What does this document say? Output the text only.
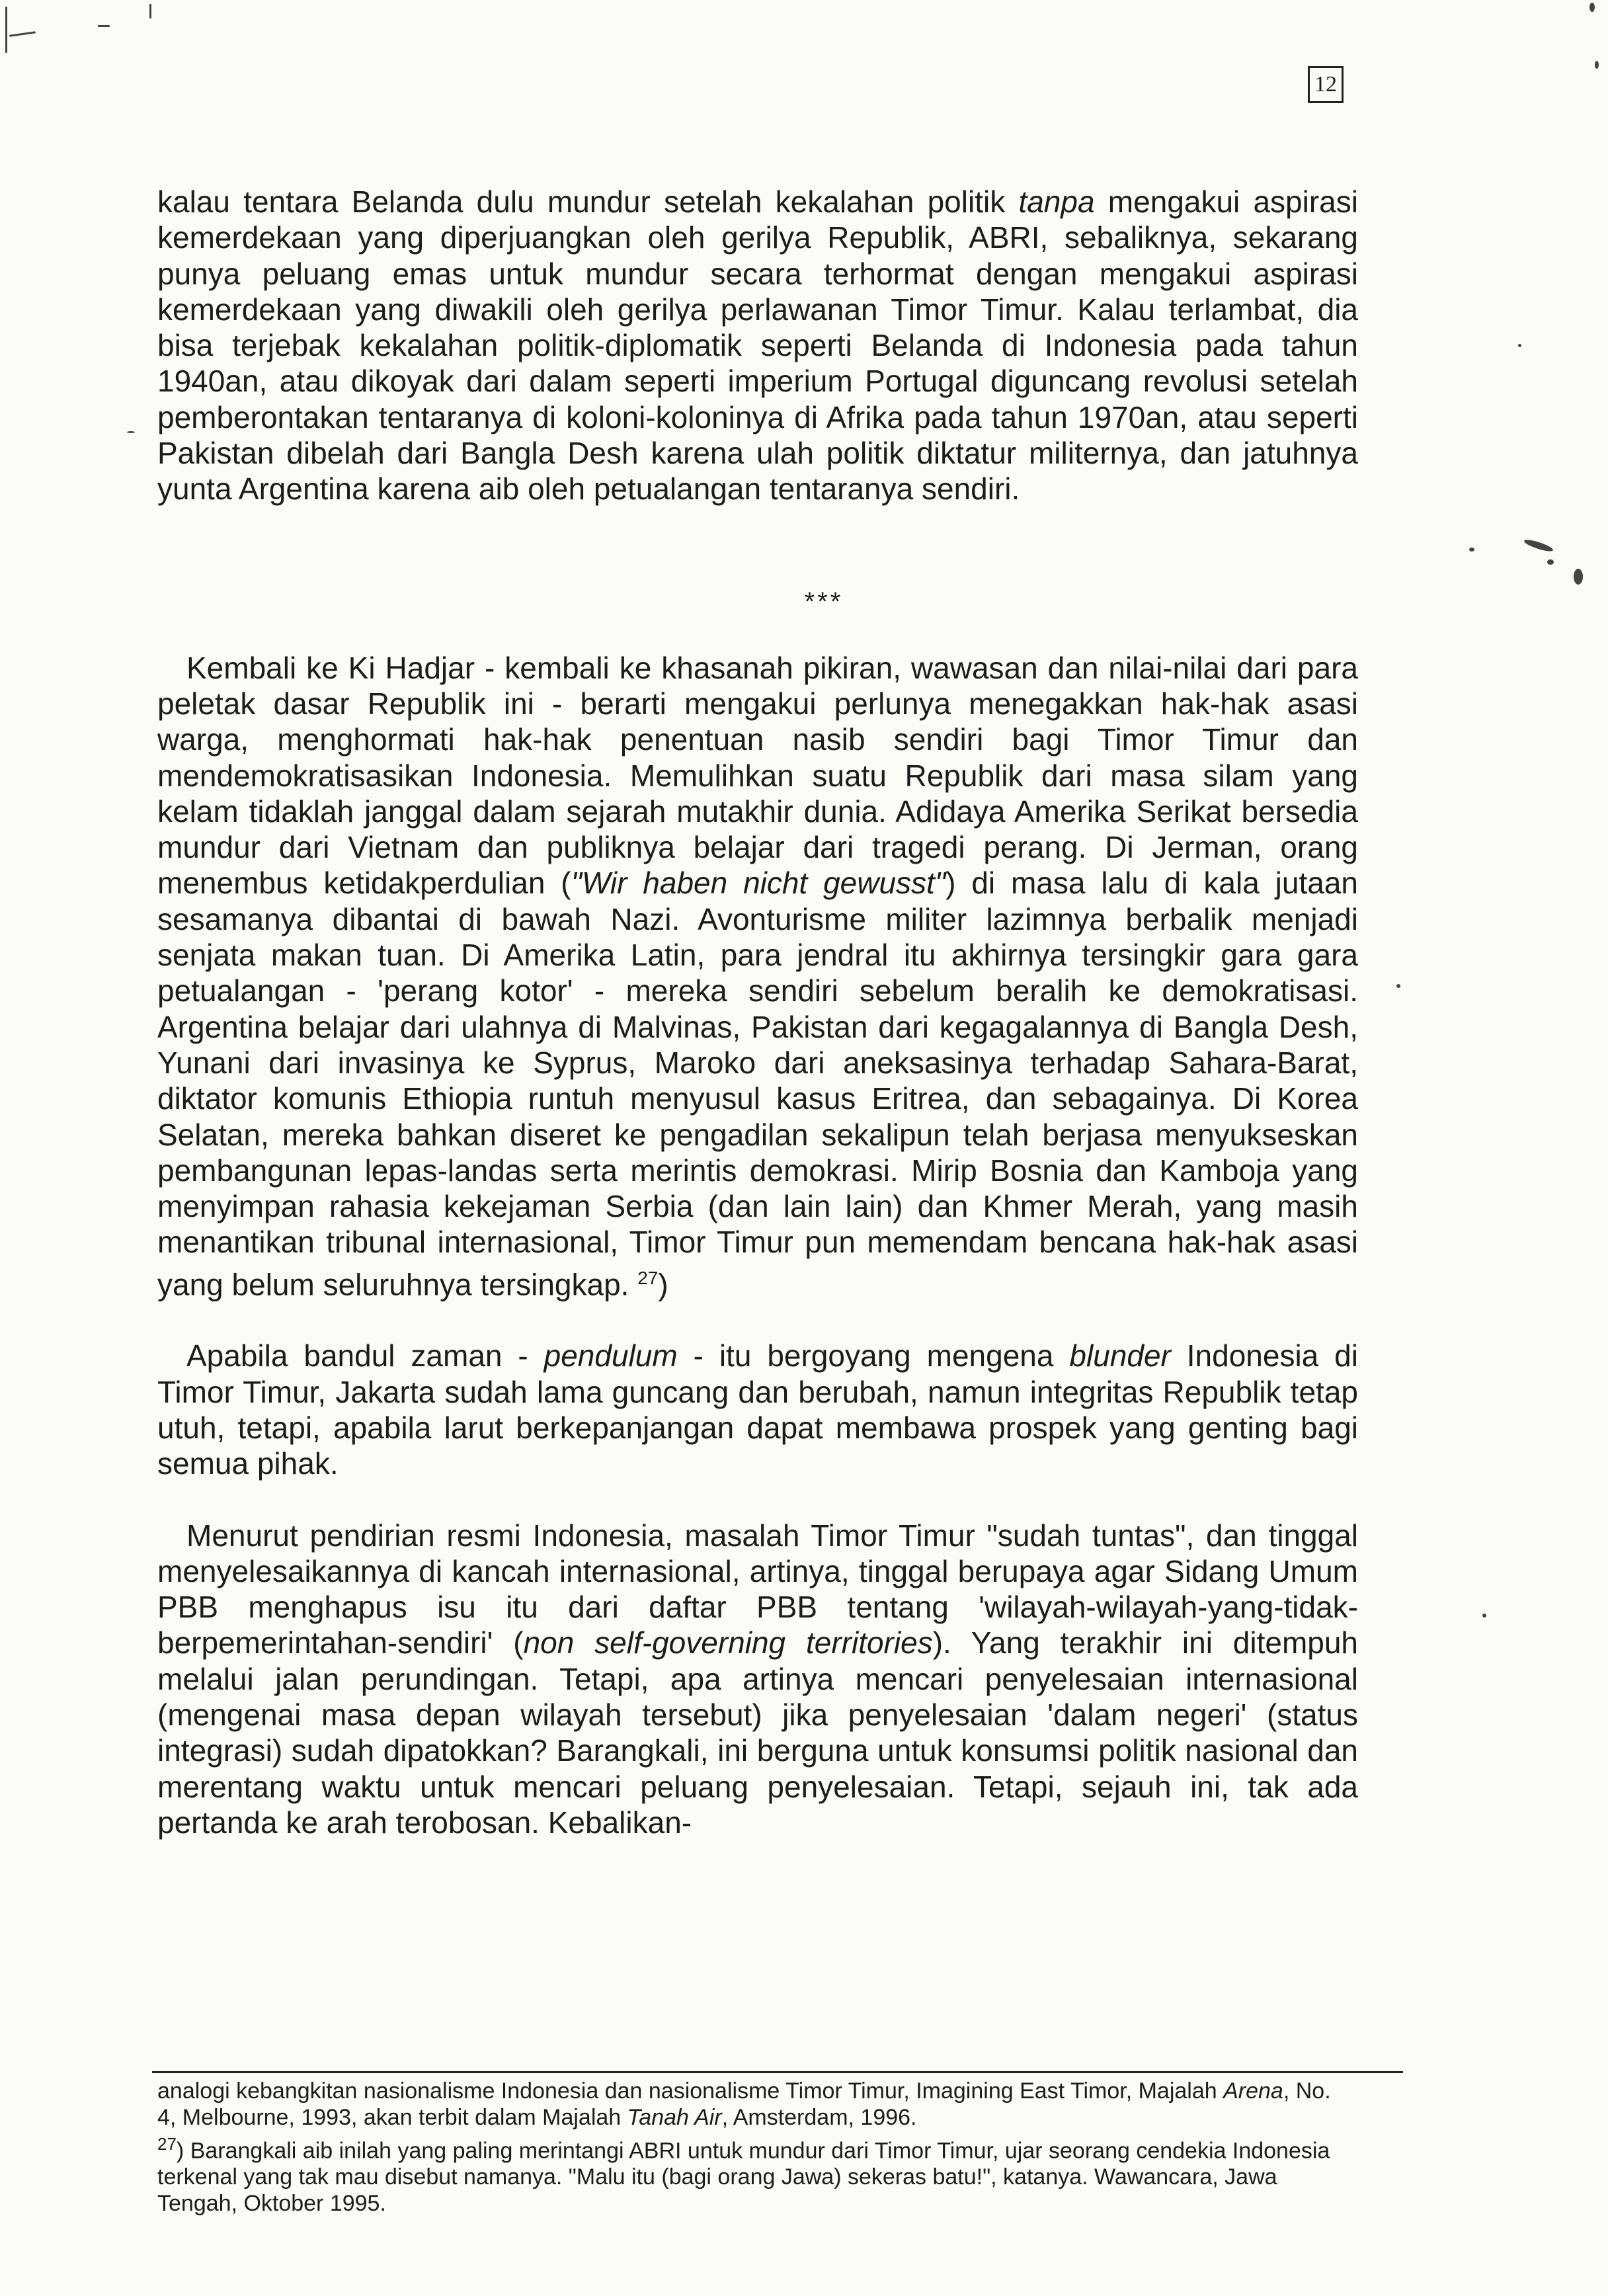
12

kalau tentara Belanda dulu mundur setelah kekalahan politik tanpa mengakui aspirasi kemerdekaan yang diperjuangkan oleh gerilya Republik, ABRI, sebaliknya, sekarang punya peluang emas untuk mundur secara terhormat dengan mengakui aspirasi kemerdekaan yang diwakili oleh gerilya perlawanan Timor Timur. Kalau terlambat, dia bisa terjebak kekalahan politik-diplomatik seperti Belanda di Indonesia pada tahun 1940an, atau dikoyak dari dalam seperti imperium Portugal diguncang revolusi setelah pemberontakan tentaranya di koloni-koloninya di Afrika pada tahun 1970an, atau seperti Pakistan dibelah dari Bangla Desh karena ulah politik diktatur militernya, dan jatuhnya yunta Argentina karena aib oleh petualangan tentaranya sendiri.

Kembali ke Ki Hadjar - kembali ke khasanah pikiran, wawasan dan nilai-nilai dari para peletak dasar Republik ini - berarti mengakui perlunya menegakkan hak-hak asasi warga, menghormati hak-hak penentuan nasib sendiri bagi Timor Timur dan mendemokratisasikan Indonesia. Memulihkan suatu Republik dari masa silam yang kelam tidaklah janggal dalam sejarah mutakhir dunia. Adidaya Amerika Serikat bersedia mundur dari Vietnam dan publiknya belajar dari tragedi perang. Di Jerman, orang menembus ketidakperdulian ("Wir haben nicht gewusst") di masa lalu di kala jutaan sesamanya dibantai di bawah Nazi. Avonturisme militer lazimnya berbalik menjadi senjata makan tuan. Di Amerika Latin, para jendral itu akhirnya tersingkir gara gara petualangan - 'perang kotor' - mereka sendiri sebelum beralih ke demokratisasi. Argentina belajar dari ulahnya di Malvinas, Pakistan dari kegagalannya di Bangla Desh, Yunani dari invasinya ke Syprus, Maroko dari aneksasinya terhadap Sahara-Barat, diktator komunis Ethiopia runtuh menyusul kasus Eritrea, dan sebagainya. Di Korea Selatan, mereka bahkan diseret ke pengadilan sekalipun telah berjasa menyukseskan pembangunan lepas-landas serta merintis demokrasi. Mirip Bosnia dan Kamboja yang menyimpan rahasia kekejaman Serbia (dan lain lain) dan Khmer Merah, yang masih menantikan tribunal internasional, Timor Timur pun memendam bencana hak-hak asasi yang belum seluruhnya tersingkap. $^{27}$)

Apabila bandul zaman - pendulum - itu bergoyang mengena blunder Indonesia di Timor Timur, Jakarta sudah lama guncang dan berubah, namun integritas Republik tetap utuh, tetapi, apabila larut berkepanjangan dapat membawa prospek yang genting bagi semua pihak.

Menurut pendirian resmi Indonesia, masalah Timor Timur "sudah tuntas", dan tinggal menyelesaikannya di kancah internasional, artinya, tinggal berupaya agar Sidang Umum PBB menghapus isu itu dari daftar PBB tentang 'wilayah-wilayah-yang-tidak-berpemerintahan-sendiri' (non self-governing territories). Yang terakhir ini ditempuh melalui jalan perundingan. Tetapi, apa artinya mencari penyelesaian internasional (mengenai masa depan wilayah tersebut) jika penyelesaian 'dalam negeri' (status integrasi) sudah dipatokkan? Barangkali, ini berguna untuk konsumsi politik nasional dan merentang waktu untuk mencari peluang penyelesaian. Tetapi, sejauh ini, tak ada pertanda ke arah terobosan. Kebalikan-

***

analogi kebangkitan nasionalisme Indonesia dan nasionalisme Timor Timur, Imagining East Timor, Majalah Arena, No. 4, Melbourne, 1993, akan terbit dalam Majalah Tanah Air, Amsterdam, 1996.

$^{27}$) Barangkali aib inilah yang paling merintangi ABRI untuk mundur dari Timor Timur, ujar seorang cendekia Indonesia terkenal yang tak mau disebut namanya. "Malu itu (bagi orang Jawa) sekeras batu!", katanya. Wawancara, Jawa Tengah, Oktober 1995.
